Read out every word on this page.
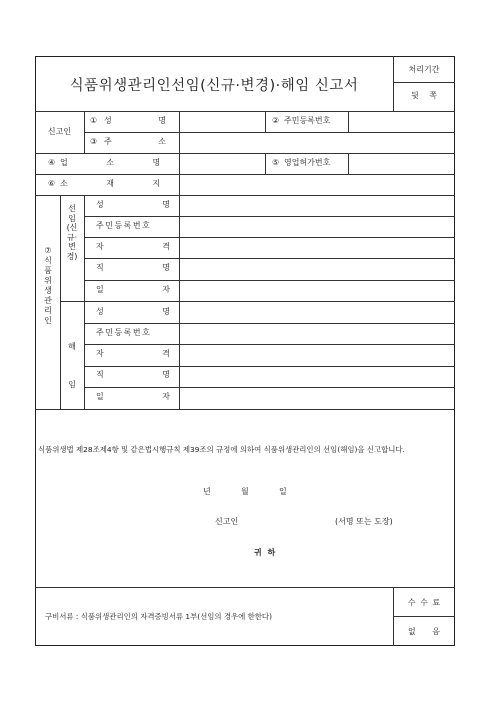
식품위생관리인선임(신규·변경)·해임 신고서
처리기간
뒷 쪽
신고인
① 성 명	② 주민등록번호
③ 주 소
④ 업 소 명	⑤ 영업허가번호
⑥ 소 재 지
⑦식품위생관리인
선임(신규·변경)
해임
성 명
주민등록번호
자 격
직 명
일 자
성 명
주민등록번호
자 격
직 명
일 자
식품위생법 제28조제4항 및 같은법시행규칙 제39조의 규정에 의하여 식품위생관리인의 선임(해임)을 신고합니다.
년	월	일
신고인	(서명 또는 도장)
귀 하
구비서류 : 식품위생관리인의 자격증빙서류 1부(선임의 경우에 한한다)
수 수 료
없 음
